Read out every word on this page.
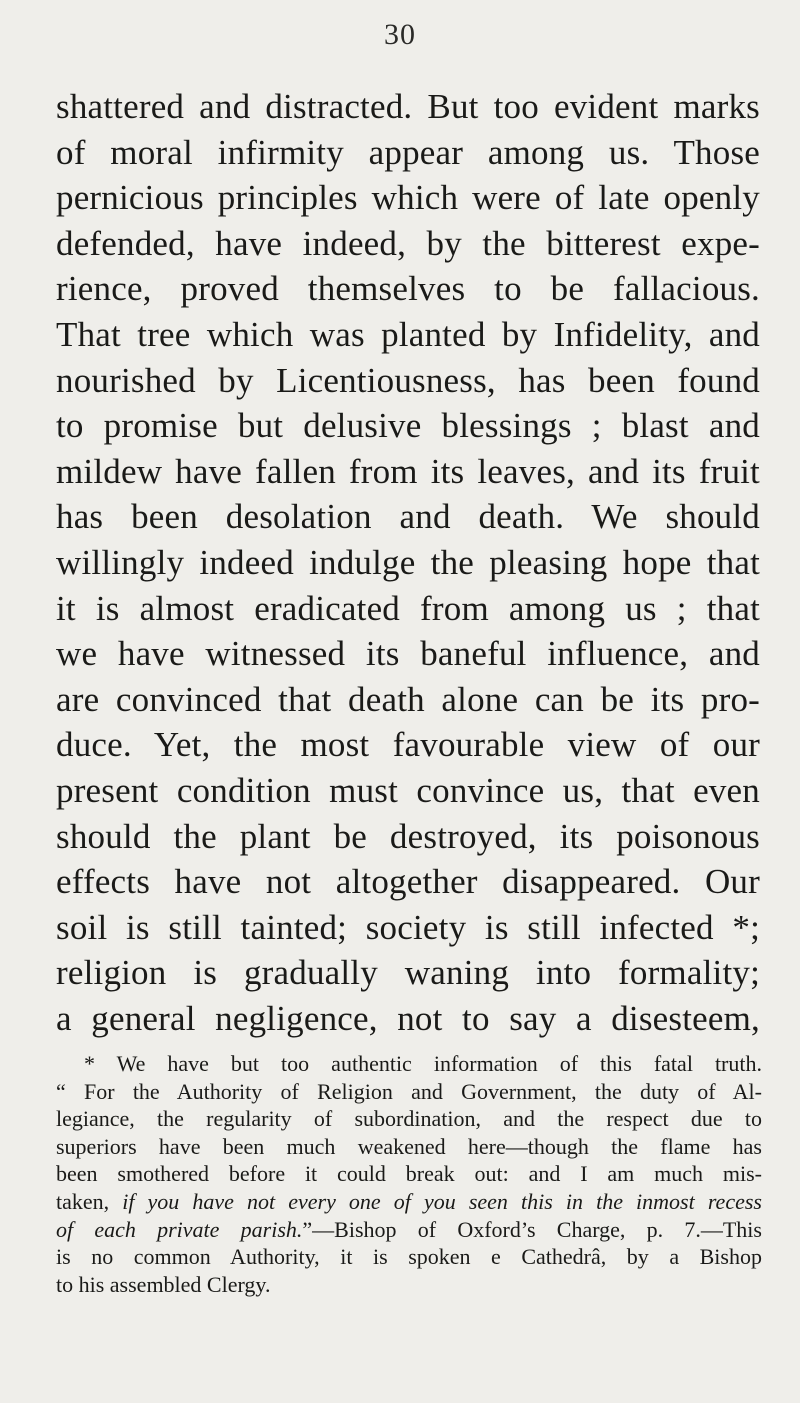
30
shattered and distracted. But too evident marks
of moral infirmity appear among us. Those
pernicious principles which were of late openly
defended, have indeed, by the bitterest expe-
rience, proved themselves to be fallacious.
That tree which was planted by Infidelity, and
nourished by Licentiousness, has been found
to promise but delusive blessings ; blast and
mildew have fallen from its leaves, and its fruit
has been desolation and death. We should
willingly indeed indulge the pleasing hope that
it is almost eradicated from among us ; that
we have witnessed its baneful influence, and
are convinced that death alone can be its pro-
duce. Yet, the most favourable view of our
present condition must convince us, that even
should the plant be destroyed, its poisonous
effects have not altogether disappeared. Our
soil is still tainted; society is still infected *;
religion is gradually waning into formality;
a general negligence, not to say a disesteem,
* We have but too authentic information of this fatal truth.
“ For the Authority of Religion and Government, the duty of Al-
legiance, the regularity of subordination, and the respect due to
superiors have been much weakened here—though the flame has
been smothered before it could break out: and I am much mis-
taken, if you have not every one of you seen this in the inmost recess
of each private parish.”—Bishop of Oxford’s Charge, p. 7.—This
is no common Authority, it is spoken e Cathedrâ, by a Bishop
to his assembled Clergy.
